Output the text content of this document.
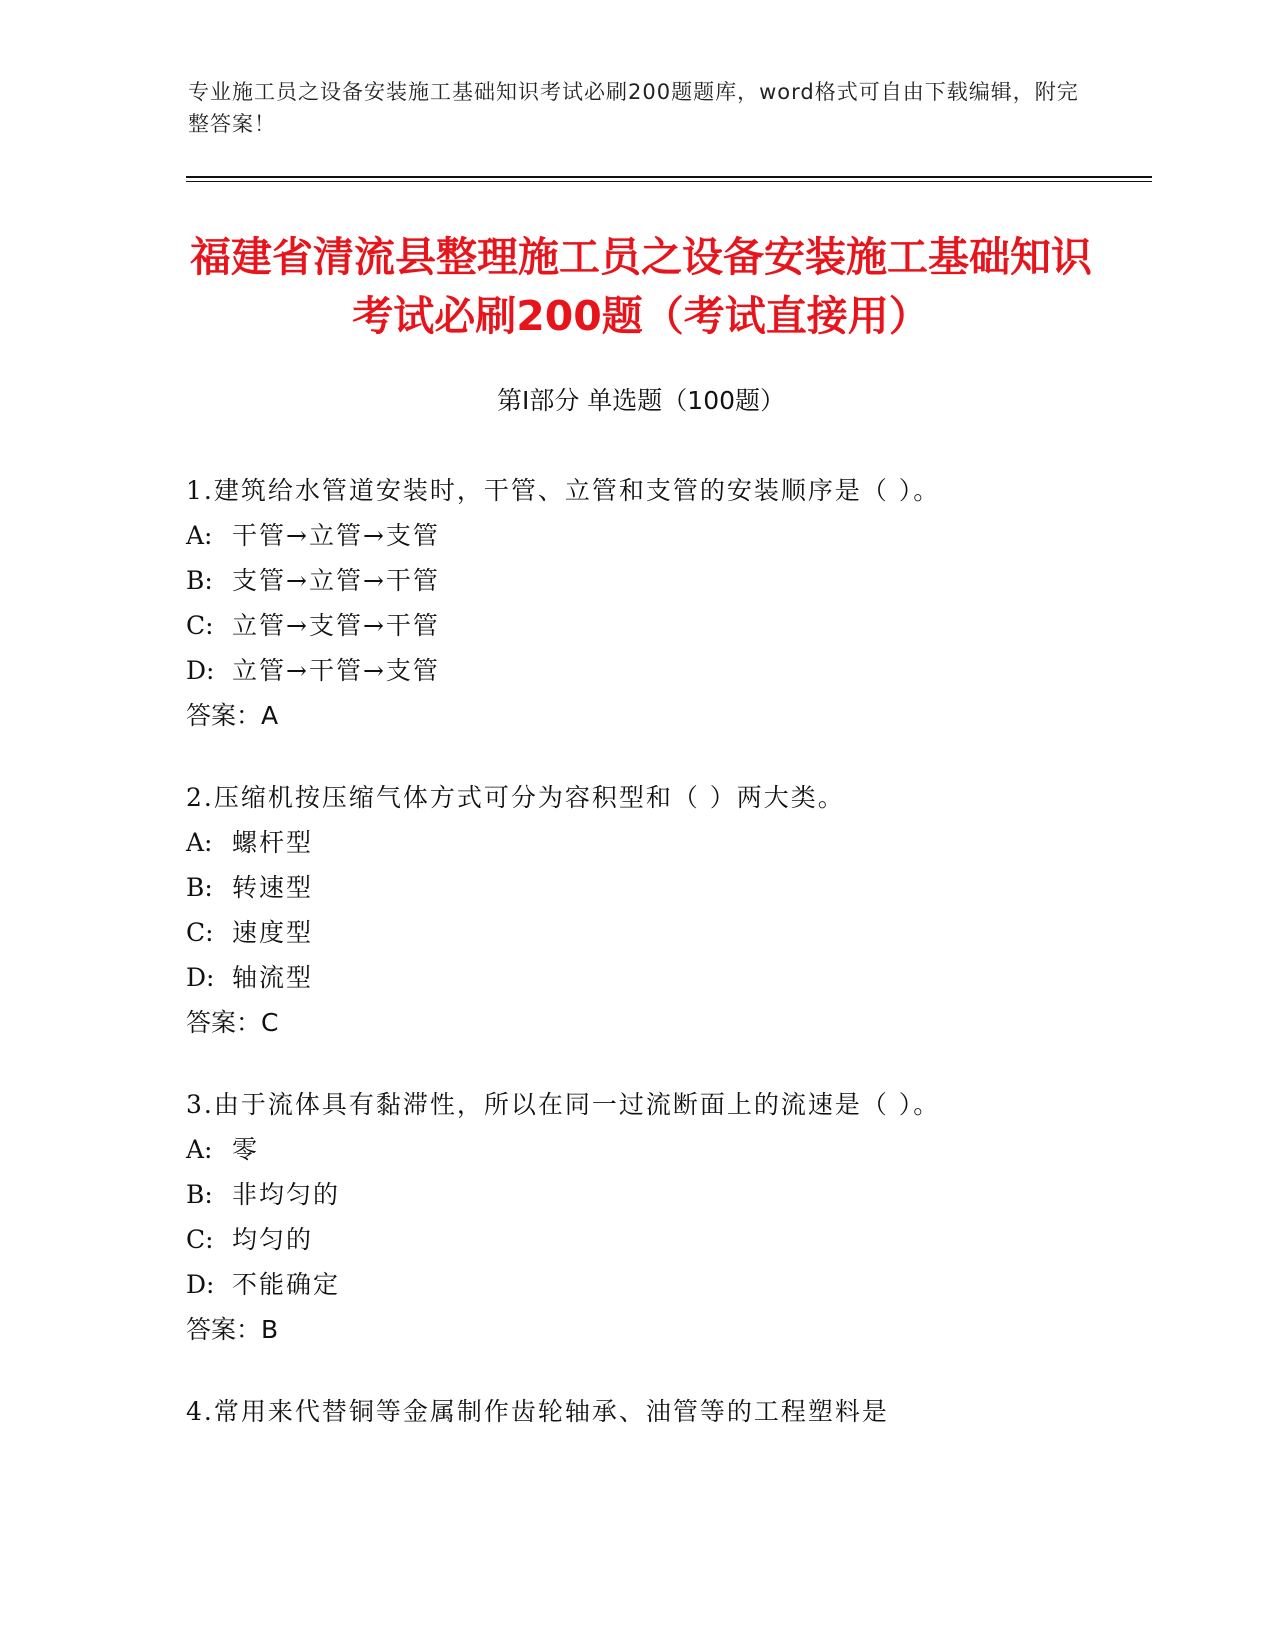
专业施工员之设备安装施工基础知识考试必刷200题题库，word格式可自由下载编辑，附完整答案！
福建省清流县整理施工员之设备安装施工基础知识考试必刷200题（考试直接用）
第Ⅰ部分 单选题（100题）
1.建筑给水管道安装时，干管、立管和支管的安装顺序是（ ）。
A: 干管→立管→支管
B: 支管→立管→干管
C: 立管→支管→干管
D: 立管→干管→支管
答案：A
2.压缩机按压缩气体方式可分为容积型和（ ）两大类。
A: 螺杆型
B: 转速型
C: 速度型
D: 轴流型
答案：C
3.由于流体具有黏滞性，所以在同一过流断面上的流速是（ ）。
A: 零
B: 非均匀的
C: 均匀的
D: 不能确定
答案：B
4.常用来代替铜等金属制作齿轮轴承、油管等的工程塑料是
